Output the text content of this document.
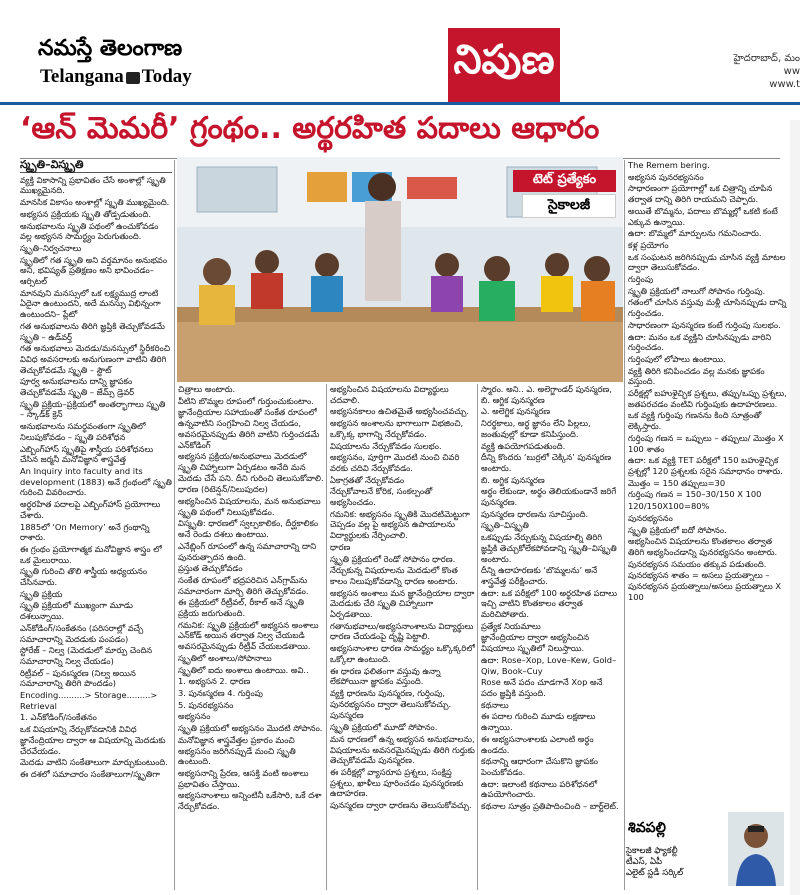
నమస్తే తెలంగాణ
Telangana Today	నిపుణ	హైదరాబాద్, మం
ww
www.t
‘ఆన్ మెమరీ’ గ్రంథం.. అర్థరహిత పదాలు ఆధారం
స్మృతి–విస్మృతి

వ్యక్తి వికాసాన్ని ప్రభావితం చేసే అంశాల్లో స్మృతి ముఖ్యమైనది.

మానసిక వికాసం అంశాల్లో స్మృతి ముఖ్యమైంది.

అభ్యసన ప్రక్రియకు స్మృతి తోడ్పడుతుంది.

అనుభవాలను స్మృతి పథంలో ఉంచుకోవడం వల్ల అభ్యసన సామర్థ్యం పెరుగుతుంది.

స్మృతి–నిర్వచనాలు

స్మృతిలో గత స్మృతి అని వర్తమానం అనుభవం అని, భవిష్యత్ ప్రతిక్షణం అని భావించడం– ఆర్సిటల్

మానవుని మనస్సులో ఒక లక్ష్యముద్ర లాంటి ఏదైనా ఉంటుందని, అదే మనస్సు విభిన్నంగా ఉంటుందని– ప్లేటో

గత అనుభవాలను తిరిగి జ్ఞప్తికి తెచ్చుకోవడమే స్మృతి – ఉడ్‌వర్త్

గత అనుభవాలు మెదడు/మనస్సులో స్థిరీకరించి వివిధ అవసరాలకు అనుగుణంగా వాటిని తిరిగి తెచ్చుకోవడమే స్మృతి – స్టౌట్

పూర్వ అనుభవాలను దాన్ని జ్ఞాపకం తెచ్చుకోవడమే స్మృతి – జేమ్స్ డ్రెవర్

స్మృతి ప్రక్రియ–ప్రక్రియలో అంతర్భాగాలు స్మృతి – స్కాడ్‌క్ క్రెన్

అనుభవాలను సమర్థవంతంగా స్మృతిలో నిలుపుకోవడం – స్మృతి పరిశోధన

ఎబ్బింగ్‌హాస్ స్మృతిపై శాస్త్రీయ పరిశోధనలు చేసిన జర్మనీ మనోవిజ్ఞాన శాస్త్రవేత్త

An Inquiry into faculty and its development (1883) అనే గ్రంథంలో స్మృతి గురించి వివరించారు.

అర్థరహిత పదాలపై ఎబ్బింగ్‌హాస్ ప్రయోగాలు చేశారు.

1885లో ‘On Memory’ అనే గ్రంథాన్ని రాశారు.

ఈ గ్రంథం ప్రయోగాత్మక మనోవిజ్ఞాన శాస్త్రం లో ఒక మైలురాయి.

స్మృతి గురించి తొలి శాస్త్రీయ అధ్యయనం చేసినవారు.

స్మృతి ప్రక్రియ

స్మృతి ప్రక్రియలో ముఖ్యంగా మూడు దశలున్నాయి.

ఎన్‌కోడింగ్/సంకేతనం (పరిసరాల్లో వచ్చే సమాచారాన్ని మెదడుకు పంపడం)

స్టోరేజ్ – నిల్వ (మెదడులో మార్పు చెందిన సమాచారాన్ని నిల్వ చేయడం)

రిట్రీవల్ – పునఃస్మరణ (నిల్వ అయిన సమాచారాన్ని తిరిగి పొందడం)

Encoding..........> Storage.........> Retrieval

1. ఎన్‌కోడింగ్/సంకేతనం

ఒక విషయాన్ని నేర్చుకోవడానికి వివిధ జ్ఞానేంద్రియాల ద్వారా ఆ విషయాన్ని మెదడుకు చేరవేయడం.

మెదడు వాటిని సంకేతాలుగా మార్చుకుంటుంది.

ఈ దశలో సమాచారం సంకేతాలుగా/స్మృతిగా

టెట్ ప్రత్యేకం
సైకాలజీ

చిత్రాలు అంటారు.

వీటిని బొమ్మల రూపంలో గుర్తుంచుకుంటాం.

జ్ఞానేంద్రియాల సహాయంతో సంకేత రూపంలో ఉన్నవాటిని సంగ్రహించి నిల్వ చేయడం, అవసరమైనప్పుడు తిరిగి వాటిని గుర్తించడమే ఎన్‌కోడింగ్

అభ్యసన ప్రక్రియ/అనుభవాలు మెదడులో స్మృతి చిహ్నాలుగా ఏర్పడటం అనేది మన మెదడు చేసే పని. దీని గురించి తెలుసుకోవాలి.

ధారణ (రిటెన్షన్/నిలుపుదల)

అభ్యసించిన విషయాలను, మన అనుభవాలు స్మృతి పథంలో నిలుపుకోవడం.

విస్మృతి: ధారణలో స్వల్పకాలికం, దీర్ఘకాలికం అనే రెండు దశలు ఉంటాయి.

ఎనేబ్లింగ్ రూపంలో ఉన్న సమాచారాన్ని దాని పునరుత్పాదన ఉంది.

ప్రస్తుత తెచ్చుకోవడం

సంకేత రూపంలో భద్రపరిచిన ఎన్‌గ్రామ్‌ను సమాచారంగా మార్చి తిరిగి తెచ్చుకోవడం.

ఈ ప్రక్రియలో రీట్రీవల్, రీకాల్ అనే స్మృతి ప్రక్రియ జరుగుతుంది.

గమనిక: స్మృతి ప్రక్రియలో అభ్యసన అంశాలు ఎన్‌కోడ్ అయిన తర్వాత నిల్వ చేయబడి అవసరమైనప్పుడు రీట్రీవ్ చేయబడతాయి.

స్మృతిలో అంశాలు/సోపానాలు

స్మృతిలో ఐదు అంశాలు ఉంటాయి. అవి..

1. అభ్యసన 2. ధారణ

3. పునఃస్మరణ 4. గుర్తింపు

5. పునరభ్యసనం

అభ్యసనం

స్మృతి ప్రక్రియలో అభ్యసనం మొదటి సోపానం.

మనోవిజ్ఞాన శాస్త్రవేత్తల ప్రకారం మంచి అభ్యసనం జరిగినప్పుడే మంచి స్మృతి ఉంటుంది.

అభ్యసనాన్ని ప్రేరణ, ఆసక్తి వంటి అంశాలు ప్రభావితం చేస్తాయి.

అభ్యసనాంశాలు అన్నింటినీ ఒకేసారి, ఒకే దశా నేర్చుకోవడం.

అభ్యసించిన విషయాలను విద్యార్థులు చదవాలి.

అభ్యసనకాలం ఉచితమైతే అభ్యసించవచ్చు.

అభ్యసన అంశాలను భాగాలుగా విభజించి, ఒక్కొక్క భాగాన్ని నేర్చుకోవడం.

విషయాలను నేర్చుకోవడం సులభం.

అభ్యసనం, పూర్తిగా మొదటి నుంచి చివరి వరకు చదివి నేర్చుకోవడం.

ఏకాగ్రతతో నేర్చుకోవడం

నేర్చుకోవాలనే కోరిక, సంకల్పంతో అభ్యసించడం.

గమనిక: అభ్యసనం స్మృతికి మొదటిమెట్టుగా చెప్పడం వల్ల పై అభ్యసన ఉపాయాలను విద్యార్థులకు నేర్పించాలి.

ధారణ

స్మృతి ప్రక్రియలో రెండో సోపానం ధారణ.

నేర్చుకున్న విషయాలను మెదడులో కొంత కాలం నిలుపుకోవడాన్ని ధారణ అంటారు.

అభ్యసన అంశాలు మన జ్ఞానేంద్రియాల ద్వారా మెదడుకు చేరి స్మృతి చిహ్నాలుగా ఏర్పడతాయి.

గతానుభవాలు/అభ్యసనాంశాలను విద్యార్థులు ధారణ చేయడంపై దృష్టి పెట్టాలి.

అభ్యసనాంశాల ధారణ సామర్థ్యం ఒక్కొక్కరిలో ఒక్కోలా ఉంటుంది.

ఈ ధారణ ఫలితంగా వస్తువు ఉన్నా లేకపోయినా జ్ఞాపకం వస్తుంది.

వ్యక్తి ధారణను పునస్మరణ, గుర్తింపు, పునరభ్యసనం ద్వారా తెలుసుకోవచ్చు.

పునస్మరణ

స్మృతి ప్రక్రియలో మూడో సోపానం.

మన ధారణలో ఉన్న అభ్యసన అనుభవాలను, విషయాలను అవసరమైనప్పుడు తిరిగి గుర్తుకు తెచ్చుకోవడమే పునస్మరణ.

ఈ పరీక్షల్లో వ్యాసరూప ప్రశ్నలు, సంక్షిప్త ప్రశ్నలు, ఖాళీలు పూరించడం పునస్మరణకు ఉదాహరణ.

పునస్మరణ ద్వారా ధారణను తెలుసుకోవచ్చు.

స్మారం. అని.. ఎ. అలెగ్జాండర్ పునస్మరణ, బి. ఆగ్జిక పునస్మరణ

ఎ. అలెగ్జిక పునస్మరణ

నిరర్థకాలు, అర్థ జ్ఞానం లేని పిల్లలు, జంతువుల్లో కూడా కనిపిస్తుంది.

వ్యక్తి ఉపయోగపడుతుంది.

దీన్ని కొందరు ‘బుర్రలో చెక్కిన’ పునస్మరణ అంటారు.

బి. అగ్జిక పునస్మరణ

అర్థం లేకుండా, అర్థం తెలియకుండానే జరిగే పునస్మరణ.

పునస్మరణ ధారణను సూచిస్తుంది.

స్మృతి–విస్మృతి

ఒకప్పుడు నేర్చుకున్న విషయాల్ని తిరిగి జ్ఞప్తికి తెచ్చుకోలేకపోవడాన్ని స్మృతి–విస్మృతి అంటారు.

దీన్ని ఉదాహరణకు ‘బొమ్మలను’ అనే శాస్త్రవేత్త పరీక్షించారు.

ఉదా: ఒక పరీక్షలో 100 అర్థరహిత పదాలు ఇచ్చి వాటిని కొంతకాలం తర్వాత మరిచిపోతారు.

ప్రత్యేక నియమాలు

జ్ఞానేంద్రియాల ద్వారా అభ్యసించిన విషయాలు స్మృతిలో నిలుస్తాయి.

ఉదా: Rose–Xop, Love–Kew, Gold–Qiw, Book–Cuy

Rose అనే పదం చూడగానే Xop అనే పదం జ్ఞప్తికి వస్తుంది.

కథనాలు

ఈ పదాల గురించి మూడు లక్షణాలు ఉన్నాయి.

ఈ అభ్యసనాంశాలకు ఎలాంటి అర్థం ఉండదు.

కథనాన్ని ఆధారంగా చేసుకొని జ్ఞాపకం పెంచుకోవడం.

ఉదా: ఇలాంటి కథనాలు పరిశోధనలో ఉపయోగించారు.

కథనాల సూత్రం ప్రతిపాదించింది – బార్ట్‌లెట్.

The Remem bering.

అభ్యసన పునరభ్యసనం

సాధారణంగా ప్రయోగాల్లో ఒక చిత్రాన్ని చూపిన తర్వాత దాన్ని తిరిగి రాయమని చెప్పారు.

అయితే బొమ్మను, పదాలు బొమ్మల్లో ఒకటి కంటే ఎక్కువ ఉన్నాయి.

ఉదా: బొమ్మలో మార్పులను గమనించారు.

కళ్ల ప్రయోగం

ఒక సంఘటన జరిగినప్పుడు చూసిన వ్యక్తి మాటల ద్వారా తెలుసుకోవడం.

గుర్తింపు

స్మృతి ప్రక్రియలో నాలుగో సోపానం గుర్తింపు.

గతంలో చూసిన వస్తువు మళ్లీ చూసినప్పుడు దాన్ని గుర్తించడం.

సాధారణంగా పునస్మరణ కంటే గుర్తింపు సులభం.

ఉదా: మనం ఒక వ్యక్తిని చూసినప్పుడు వారిని గుర్తించడం.

గుర్తింపులో లోపాలు ఉంటాయి.

వ్యక్తి తిరిగి కనిపించడం వల్ల మనకు జ్ఞాపకం వస్తుంది.

పరీక్షల్లో బహుళైచ్ఛిక ప్రశ్నలు, తప్పు/ఒప్పు ప్రశ్నలు, జతపరచడం వంటివి గుర్తింపుకు ఉదాహరణలు.

ఒక వ్యక్తి గుర్తింపు గణనను కింది సూత్రంతో లెక్కిస్తారు.

గుర్తింపు గణన = ఒప్పులు – తప్పులు/ మొత్తం X 100 శాతం

ఉదా: ఒక వ్యక్తి TET పరీక్షలో 150 బహుళైచ్ఛిక ప్రశ్నల్లో 120 ప్రశ్నలకు సరైన సమాధానం రాశారు.

మొత్తం = 150 తప్పులు=30

గుర్తింపు గణన = 150–30/150 X 100

120/150X100=80%

పునరభ్యసనం

స్మృతి ప్రక్రియలో ఐదో సోపానం.

అభ్యసించిన విషయాలను కొంతకాలం తర్వాత తిరిగి అభ్యసించడాన్ని పునరభ్యసనం అంటారు.

పునరభ్యసన సమయం తక్కువ పడుతుంది.

పునరభ్యసన శాతం = అసలు ప్రయత్నాలు – పునరభ్యసన ప్రయత్నాలు/అసలు ప్రయత్నాలు X 100

శివపల్లి
సైకాలజీ ఫ్యాకల్టీ
టీఎస్, ఏపీ
ఎలైట్ స్టడీ సర్కిల్
